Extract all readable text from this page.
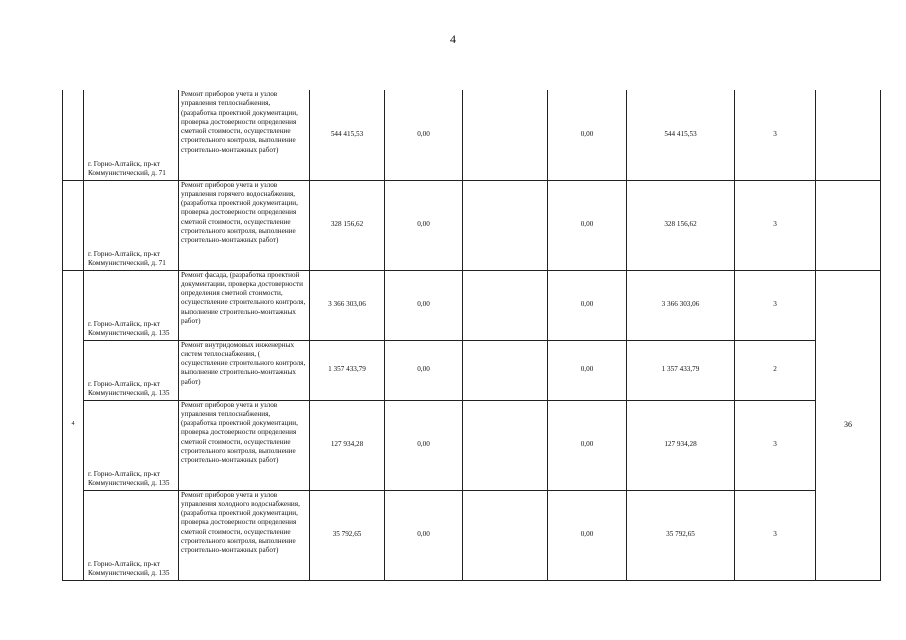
4
	г. Горно-Алтайск, пр-кт Коммунистический, д. 71	Ремонт приборов учета и узлов управления теплоснабжения, (разработка проектной документации, проверка достоверности определения сметной стоимости, осуществление строительного контроля, выполнение строительно-монтажных работ)	544 415,53	0,00		0,00	544 415,53	3	
	г. Горно-Алтайск, пр-кт Коммунистический, д. 71	Ремонт приборов учета и узлов управления горячего водоснабжения, (разработка проектной документации, проверка достоверности определения сметной стоимости, осуществление строительного контроля, выполнение строительно-монтажных работ)	328 156,62	0,00		0,00	328 156,62	3	
4	г. Горно-Алтайск, пр-кт Коммунистический, д. 135	Ремонт фасада, (разработка проектной документации, проверка достоверности определения сметной стоимости, осуществление строительного контроля, выполнение строительно-монтажных работ)	3 366 303,06	0,00		0,00	3 366 303,06	3	36
	г. Горно-Алтайск, пр-кт Коммунистический, д. 135	Ремонт внутридомовых инженерных систем теплоснабжения, ( осуществление строительного контроля, выполнение строительно-монтажных работ)	1 357 433,79	0,00		0,00	1 357 433,79	2	
	г. Горно-Алтайск, пр-кт Коммунистический, д. 135	Ремонт приборов учета и узлов управления теплоснабжения, (разработка проектной документации, проверка достоверности определения сметной стоимости, осуществление строительного контроля, выполнение строительно-монтажных работ)	127 934,28	0,00		0,00	127 934,28	3	
	г. Горно-Алтайск, пр-кт Коммунистический, д. 135	Ремонт приборов учета и узлов управления холодного водоснабжения, (разработка проектной документации, проверка достоверности определения сметной стоимости, осуществление строительного контроля, выполнение строительно-монтажных работ)	35 792,65	0,00		0,00	35 792,65	3	
